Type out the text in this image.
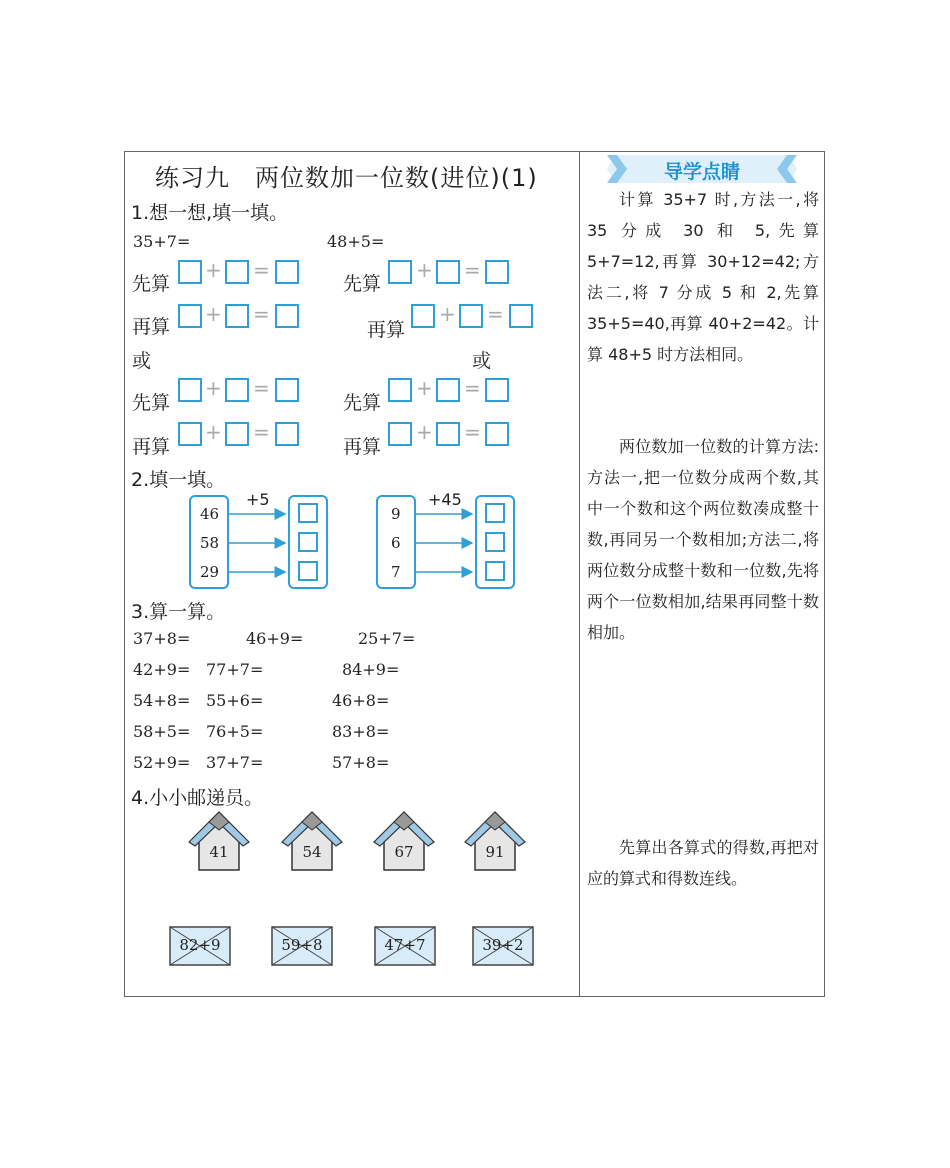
练习九　两位数加一位数(进位)(1)
1.想一想,填一填。
35+7=	48+5=
先算
+ =
再算
+ =
或
先算
+ =
再算
+ =
先算
+ =
再算
+ =
或
先算
+ =
再算
+ =
2.填一填。
46
58
29
+5
9
6
7
+45
3.算一算。
37+8=	46+9=	25+7=
42+9= 77+7=	84+9=
54+8= 55+6=	46+8=
58+5= 76+5=	83+8=
52+9= 37+7=	57+8=
4.小小邮递员。
41	54	67	91
82+9	59+8	47+7	39+2
导学点睛
计算 35+7 时,方法一,将 35 分成 30 和 5,先算 5+7=12,再算 30+12=42;方法二,将 7 分成 5 和 2,先算 35+5=40,再算 40+2=42。计算 48+5 时方法相同。
两位数加一位数的计算方法:方法一,把一位数分成两个数,其中一个数和这个两位数凑成整十数,再同另一个数相加;方法二,将两位数分成整十数和一位数,先将两个一位数相加,结果再同整十数相加。
先算出各算式的得数,再把对应的算式和得数连线。
